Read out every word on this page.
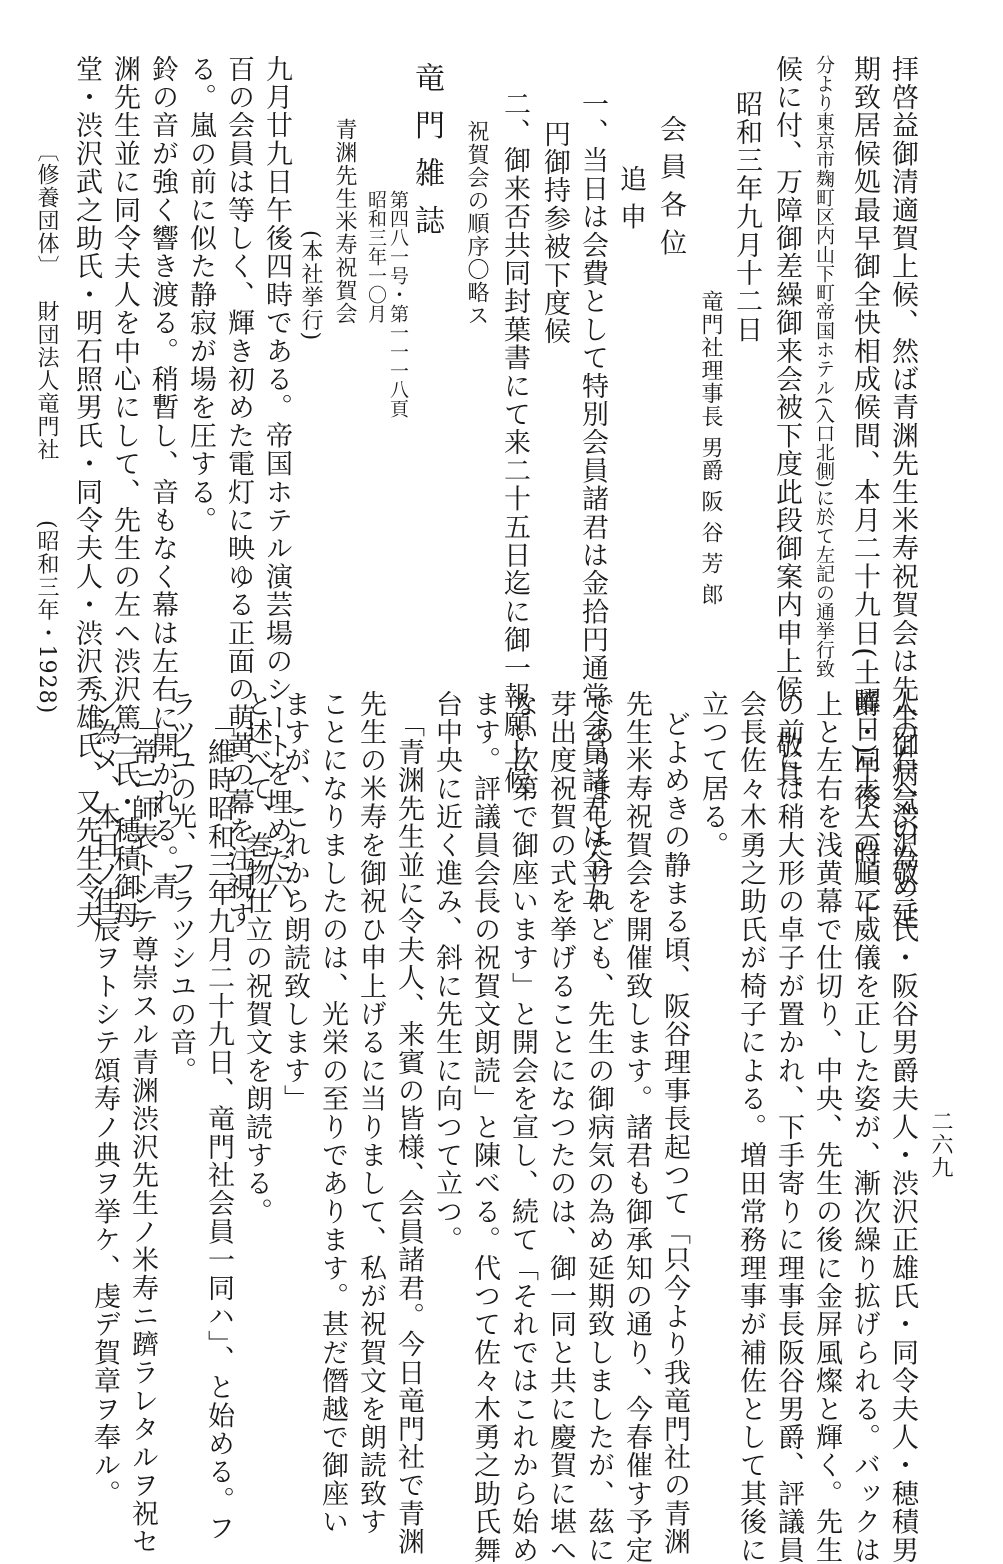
拝啓益御清適賀上候、然ば青渊先生米寿祝賀会は先生御病気の為め延
期致居候処最早御全快相成候間、本月二十九日(土曜日)午後三時三十
分より東京市麹町区内山下町帝国ホテル(入口北側)に於て左記の通挙行致
候に付、万障御差繰御来会被下度此段御案内申上候　敬具
昭和三年九月十二日
竜門社理事長 男爵 阪 谷 芳 郎
会 員 各 位
追 申
一、当日は会費として特別会員諸君は金拾円通常会員諸君は金五
円御持参被下度候
二、御来否共同封葉書にて来二十五日迄に御一報願上候
祝賀会の順序〇略ス
竜 門 雑 誌
第四八一号・第一一一八頁
昭和三年一〇月
青渊先生米寿祝賀会
(本社挙行)
九月廿九日午後四時である。帝国ホテル演芸場のシートを埋めた六
百の会員は等しく、輝き初めた電灯に映ゆる正面の萌黄の幕を注視す
る。嵐の前に似た静寂が場を圧する。
鈴の音が強く響き渡る。稍暫し、音もなく幕は左右に開かれる。青
渊先生並に同令夫人を中心にして、先生の左へ渋沢篤二氏・穂積御母
堂・渋沢武之助氏・明石照男氏・同令夫人・渋沢秀雄氏、又先生令夫
〔修養団体〕
財団法人竜門社
(昭和三年・1928)
人の右へ渋沢敬三氏・阪谷男爵夫人・渋沢正雄氏・同令夫人・穂積男
爵・同夫人の順に威儀を正した姿が、漸次繰り拡げられる。バックは
上と左右を浅黄幕で仕切り、中央、先生の後に金屏風燦と輝く。先生
の前には稍大形の卓子が置かれ、下手寄りに理事長阪谷男爵、評議員
会長佐々木勇之助氏が椅子による。増田常務理事が補佐として其後に
立つて居る。
どよめきの静まる頃、阪谷理事長起つて「只今より我竜門社の青渊
先生米寿祝賀会を開催致します。諸君も御承知の通り、今春催す予定
でありましたけれども、先生の御病気の為め延期致しましたが、茲に
芽出度祝賀の式を挙げることになつたのは、御一同と共に慶賀に堪へ
ない次第で御座います」と開会を宣し、続て「それではこれから始め
ます。評議員会長の祝賀文朗読」と陳べる。代つて佐々木勇之助氏舞
台中央に近く進み、斜に先生に向つて立つ。
「青渊先生並に令夫人、来賓の皆様、会員諸君。今日竜門社で青渊
先生の米寿を御祝ひ申上げるに当りまして、私が祝賀文を朗読致す
ことになりましたのは、光栄の至りであります。甚だ僭越で御座い
ますが、これから朗読致します」
と述べて、巻物仕立の祝賀文を朗読する。
「維時昭和三年九月二十九日、竜門社会員一同ハ」、と始める。フ
ラツユの光、フラツシユの音。
「常ニ師表トシテ尊崇スル青渊渋沢先生ノ米寿ニ躋ラレタルヲ祝セ
ン為メ、本日ノ佳辰ヲトシテ頌寿ノ典ヲ挙ケ、虔デ賀章ヲ奉ル。	二六九
